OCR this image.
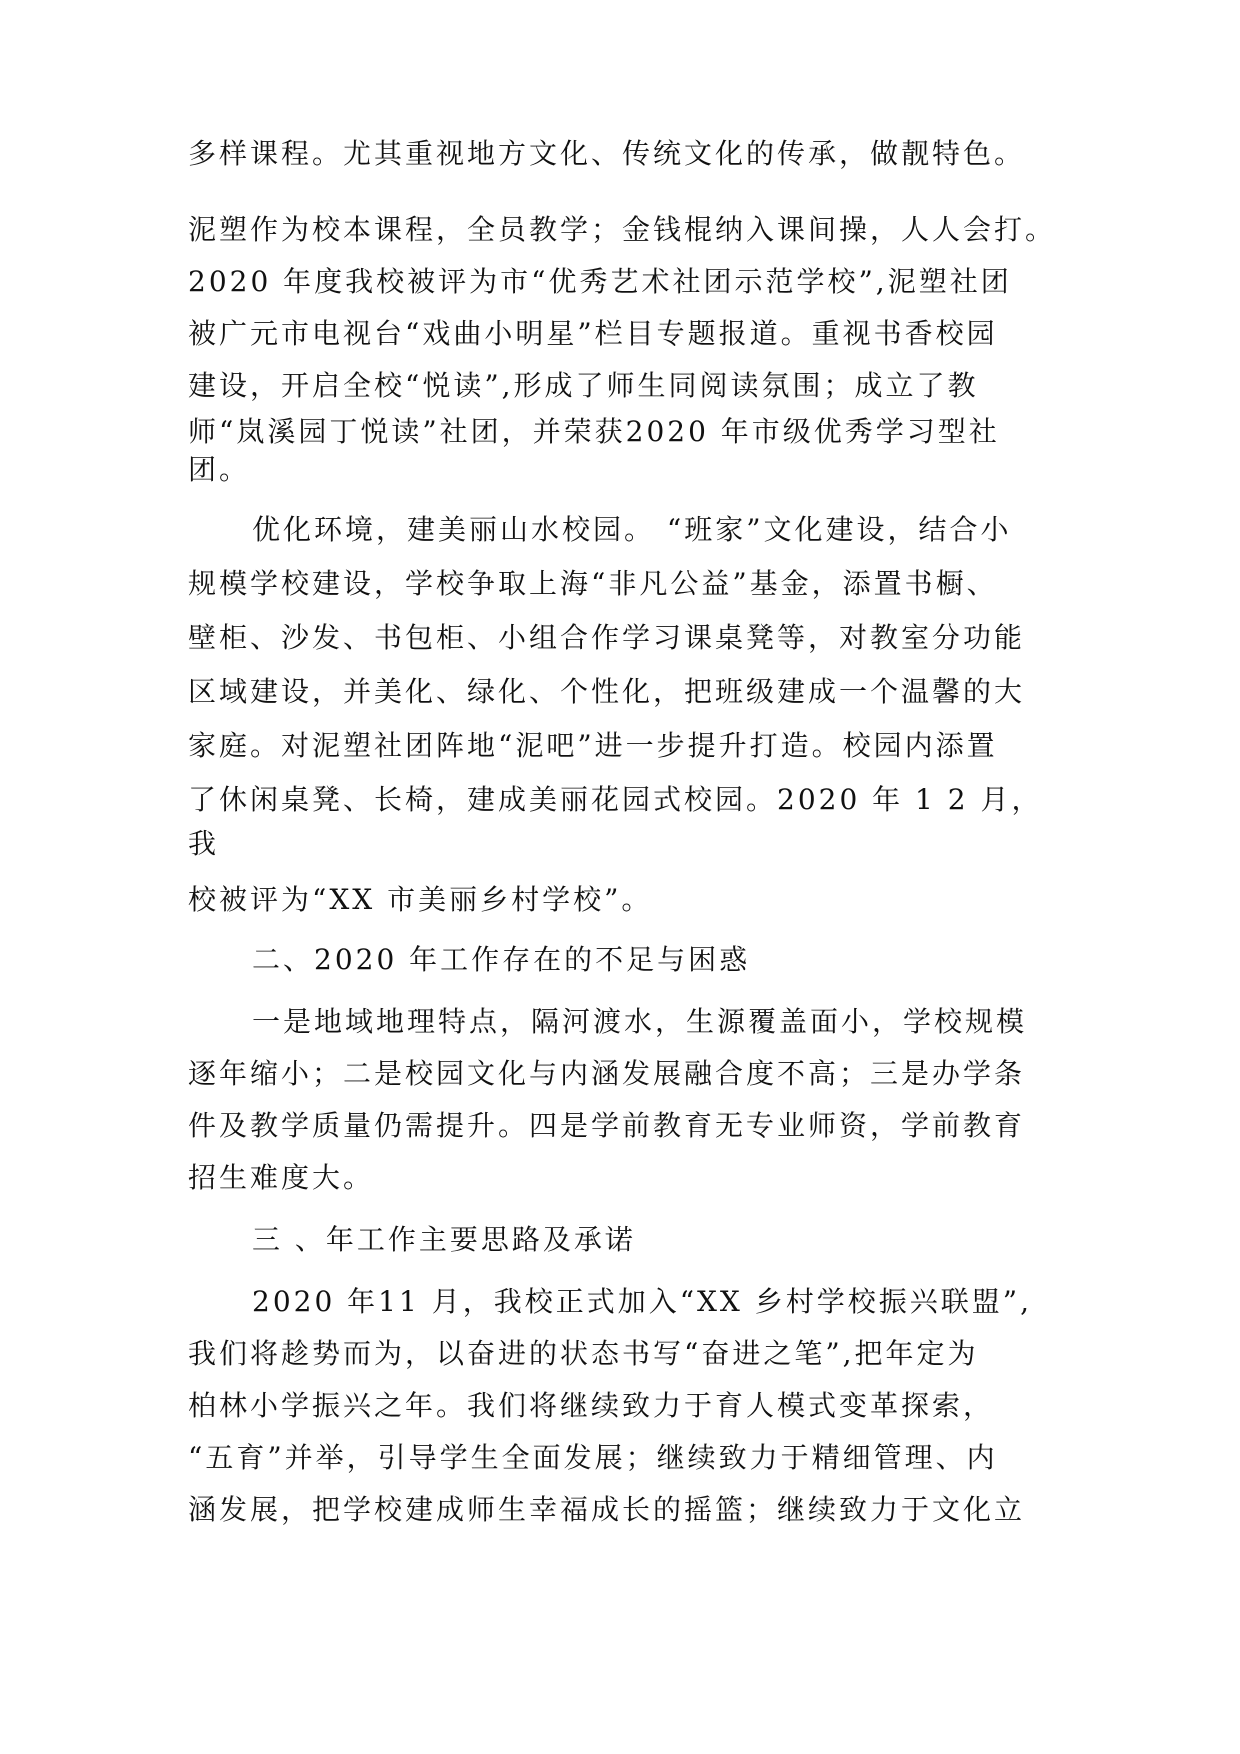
多样课程。尤其重视地方文化、传统文化的传承，做靓特色。
泥塑作为校本课程，全员教学；金钱棍纳入课间操，人人会打。
2020 年度我校被评为市“优秀艺术社团示范学校”,泥塑社团
被广元市电视台“戏曲小明星”栏目专题报道。重视书香校园
建设，开启全校“悦读”,形成了师生同阅读氛围；成立了教
师“岚溪园丁悦读”社团，并荣获2020 年市级优秀学习型社
团。
优化环境，建美丽山水校园。 “班家”文化建设，结合小
规模学校建设，学校争取上海“非凡公益”基金，添置书橱、
壁柜、沙发、书包柜、小组合作学习课桌凳等，对教室分功能
区域建设，并美化、绿化、个性化，把班级建成一个温馨的大
家庭。对泥塑社团阵地“泥吧”进一步提升打造。校园内添置
了休闲桌凳、长椅，建成美丽花园式校园。2020 年 1 2 月，
我
校被评为“XX 市美丽乡村学校”。
二、2020 年工作存在的不足与困惑
一是地域地理特点，隔河渡水，生源覆盖面小，学校规模
逐年缩小；二是校园文化与内涵发展融合度不高；三是办学条
件及教学质量仍需提升。四是学前教育无专业师资，学前教育
招生难度大。
三 、年工作主要思路及承诺
2020 年11 月，我校正式加入“XX 乡村学校振兴联盟”,
我们将趁势而为，以奋进的状态书写“奋进之笔”,把年定为
柏林小学振兴之年。我们将继续致力于育人模式变革探索，
“五育”并举，引导学生全面发展；继续致力于精细管理、内
涵发展，把学校建成师生幸福成长的摇篮；继续致力于文化立
